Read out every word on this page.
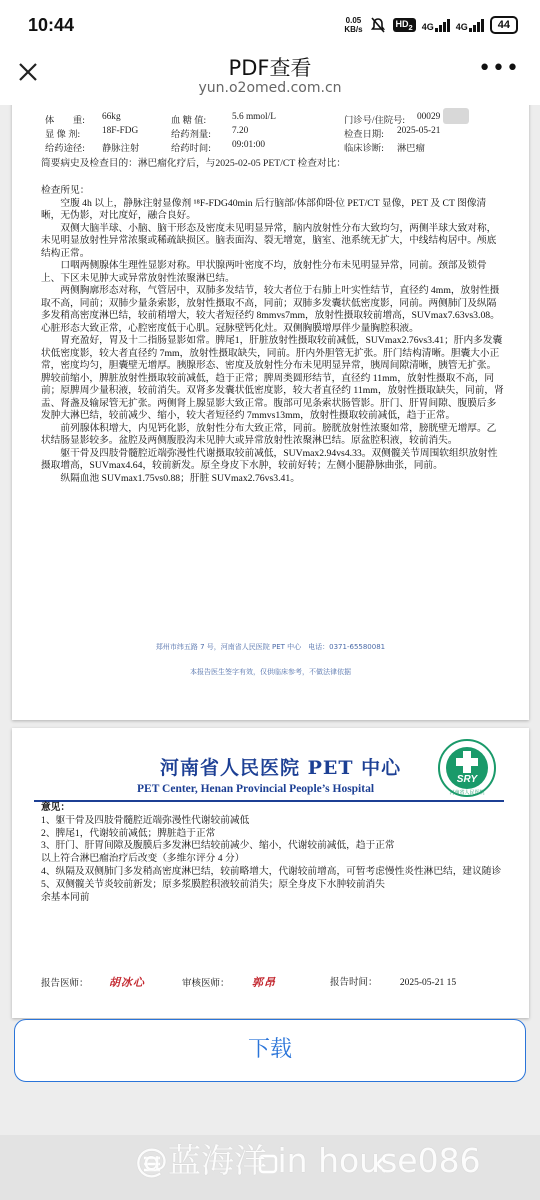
10:44	0.05
KB/s
$HD_2$	4G 4G	44
PDF查看
yun.o2omed.com.cn
•••
体　　重: 66kg	血 糖 值:	5.6 mmol/L	门诊号/住院号: 00029
显 像 剂: 18F-FDG	给药剂量: 7.20	检查日期: 2025-05-21
给药途径: 静脉注射	给药时间: 09:01:00	临床诊断: 淋巴瘤
简要病史及检查目的：淋巴瘤化疗后，与2025-02-05 PET/CT 检查对比：

检查所见：

空腹 4h 以上，静脉注射显像剂 ¹⁸F-FDG40min 后行脑部/体部仰卧位 PET/CT 显像，PET 及 CT 图像清晰，无伪影，对比度好，融合良好。

双侧大脑半球、小脑、脑干形态及密度未见明显异常，脑内放射性分布大致均匀，两侧半球大致对称，未见明显放射性异常浓聚或稀疏缺损区。脑表面沟、裂无增宽，脑室、池系统无扩大，中线结构居中。颅底结构正常。

口咽两侧腺体生理性显影对称。甲状腺两叶密度不均，放射性分布未见明显异常，同前。颈部及锁骨上、下区未见肿大或异常放射性浓聚淋巴结。

两侧胸廓形态对称，气管居中，双肺多发结节，较大者位于右肺上叶实性结节，直径约 4mm，放射性摄取不高，同前；双肺少量条索影，放射性摄取不高，同前；双肺多发囊状低密度影，同前。两侧肺门及纵隔多发稍高密度淋巴结，较前稍增大，较大者短径约 8mmvs7mm，放射性摄取较前增高，SUVmax7.63vs3.08。心脏形态大致正常，心腔密度低于心肌。冠脉壁钙化灶。双侧胸膜增厚伴少量胸腔积液。

胃充盈好，胃及十二指肠显影如常。脾尾1，肝脏放射性摄取较前减低，SUVmax2.76vs3.41；肝内多发囊状低密度影，较大者直径约 7mm，放射性摄取缺失，同前。肝内外胆管无扩张。肝门结构清晰。胆囊大小正常，密度均匀，胆囊壁无增厚。胰腺形态、密度及放射性分布未见明显异常，胰周间隙清晰，胰管无扩张。脾较前缩小，脾脏放射性摄取较前减低，趋于正常；脾周类圆形结节，直径约 11mm，放射性摄取不高，同前；原脾周少量积液，较前消失。双肾多发囊状低密度影，较大者直径约 11mm，放射性摄取缺失，同前，肾盂、肾盏及输尿管无扩张。两侧肾上腺显影大致正常。腹部可见条索状肠管影。肝门、肝胃间隙、腹膜后多发肿大淋巴结，较前减少、缩小，较大者短径约 7mmvs13mm，放射性摄取较前减低，趋于正常。

前列腺体积增大，内见钙化影，放射性分布大致正常，同前。膀胱放射性浓聚如常，膀胱壁无增厚。乙状结肠显影较多。盆腔及两侧腹股沟未见肿大或异常放射性浓聚淋巴结。原盆腔积液，较前消失。

躯干骨及四肢骨髓腔近端弥漫性代谢摄取较前减低，SUVmax2.94vs4.33。双侧髋关节周围软组织放射性摄取增高，SUVmax4.64，较前新发。原全身皮下水肿，较前好转；左侧小腿静脉曲张，同前。

纵隔血池 SUVmax1.75vs0.88；肝脏 SUVmax2.76vs3.41。

郑州市纬五路 7 号，河南省人民医院 PET 中心　电话：0371-65580081
本报告医生签字有效，仅供临床参考，不做法律依据
河南省人民医院 PET 中心
PET Center, Henan Provincial People’s Hospital
SRY
河南省人民医院
意见：
1、躯干骨及四肢骨髓腔近端弥漫性代谢较前减低
2、脾尾1，代谢较前减低；脾脏趋于正常
3、肝门、肝胃间隙及腹膜后多发淋巴结较前减少、缩小，代谢较前减低，趋于正常
以上符合淋巴瘤治疗后改变（多维尔评分 4 分）
4、纵隔及双侧肺门多发稍高密度淋巴结，较前略增大，代谢较前增高，可暂考虑慢性炎性淋巴结，建议随诊
5、双侧髋关节炎较前新发；原多浆膜腔积液较前消失；原全身皮下水肿较前消失
余基本同前
报告医师： 胡冰心	审核医师： 郭昂	报告时间： 2025-05-21 15
下载
@蓝海洋 in house086
